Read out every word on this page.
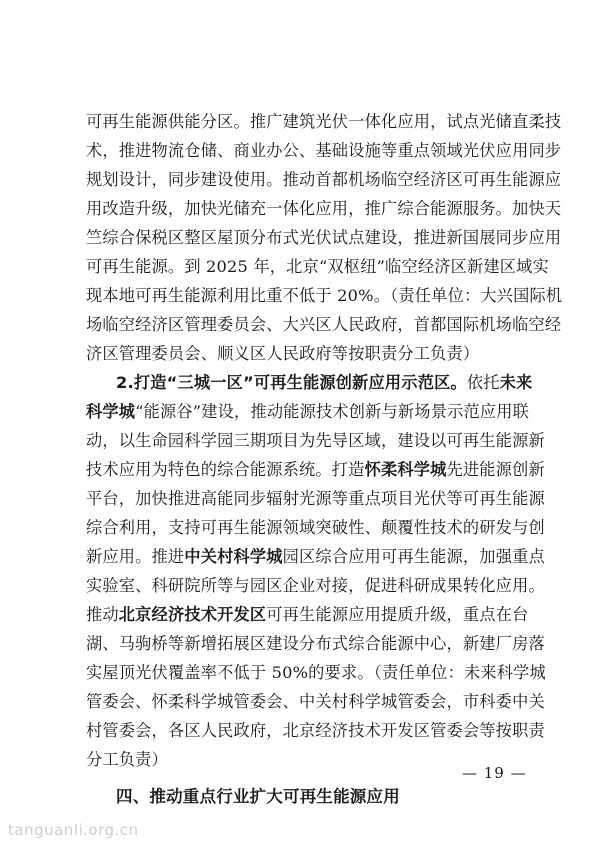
可再生能源供能分区。推广建筑光伏一体化应用，试点光储直柔技
术，推进物流仓储、商业办公、基础设施等重点领域光伏应用同步
规划设计，同步建设使用。推动首都机场临空经济区可再生能源应
用改造升级，加快光储充一体化应用，推广综合能源服务。加快天
竺综合保税区整区屋顶分布式光伏试点建设，推进新国展同步应用
可再生能源。到 2025 年，北京“双枢纽”临空经济区新建区域实
现本地可再生能源利用比重不低于 20%。（责任单位：大兴国际机
场临空经济区管理委员会、大兴区人民政府，首都国际机场临空经
济区管理委员会、顺义区人民政府等按职责分工负责）
2.打造“三城一区”可再生能源创新应用示范区。依托未来
科学城“能源谷”建设，推动能源技术创新与新场景示范应用联
动，以生命园科学园三期项目为先导区域，建设以可再生能源新
技术应用为特色的综合能源系统。打造怀柔科学城先进能源创新
平台，加快推进高能同步辐射光源等重点项目光伏等可再生能源
综合利用，支持可再生能源领域突破性、颠覆性技术的研发与创
新应用。推进中关村科学城园区综合应用可再生能源，加强重点
实验室、科研院所等与园区企业对接，促进科研成果转化应用。
推动北京经济技术开发区可再生能源应用提质升级，重点在台
湖、马驹桥等新增拓展区建设分布式综合能源中心，新建厂房落
实屋顶光伏覆盖率不低于 50%的要求。（责任单位：未来科学城
管委会、怀柔科学城管委会、中关村科学城管委会，市科委中关
村管委会，各区人民政府，北京经济技术开发区管委会等按职责
分工负责）
— 19 —
tanguanli.org.cn
四、推动重点行业扩大可再生能源应用
